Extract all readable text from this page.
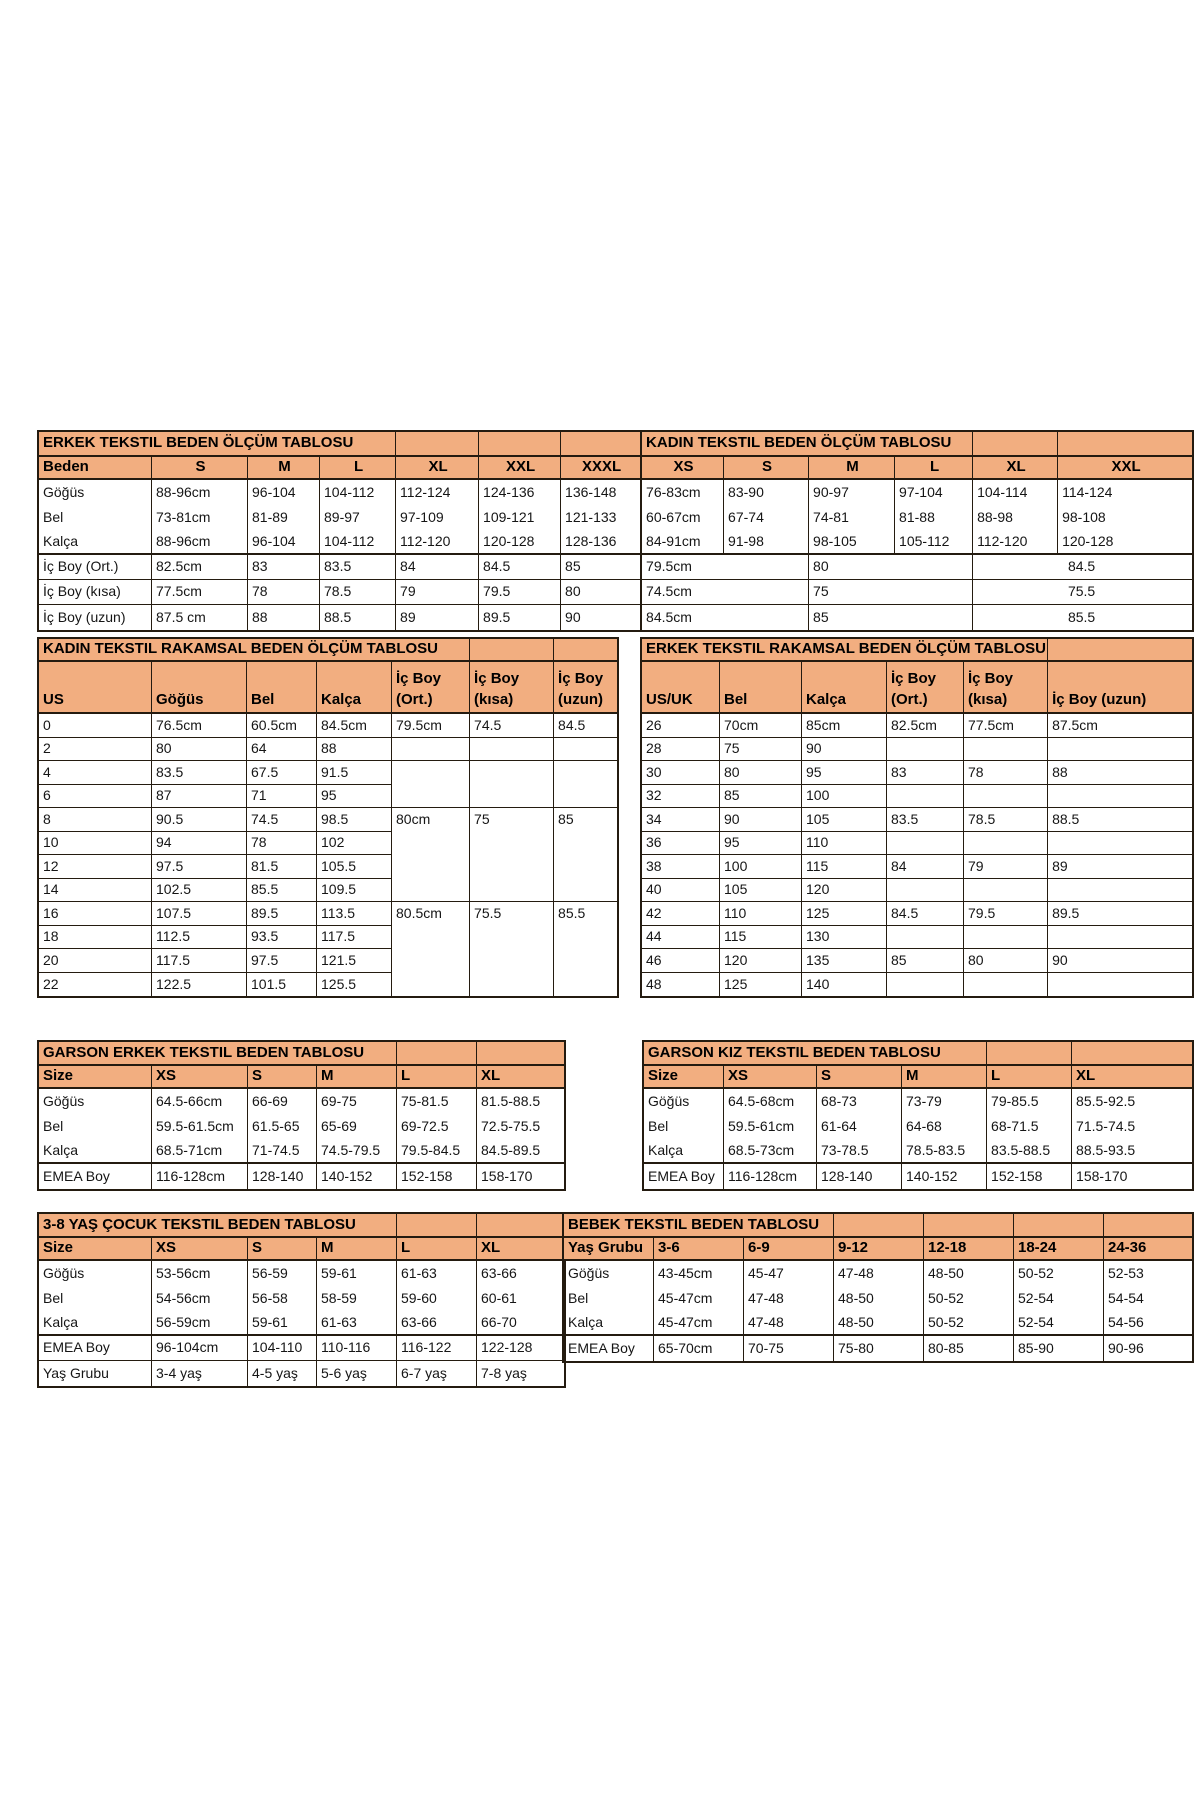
ERKEK TEKSTIL BEDEN ÖLÇÜM TABLOSU							KADIN TEKSTIL BEDEN ÖLÇÜM TABLOSU					
Beden	S	M	L	XL	XXL	XXXL	XS	S	M	L	XL	XXL
Göğüs	88-96cm	96-104	104-112	112-124	124-136	136-148	76-83cm	83-90	90-97	97-104	104-114	114-124
Bel	73-81cm	81-89	89-97	97-109	109-121	121-133	60-67cm	67-74	74-81	81-88	88-98	98-108
Kalça	88-96cm	96-104	104-112	112-120	120-128	128-136	84-91cm	91-98	98-105	105-112	112-120	120-128
İç Boy (Ort.)	82.5cm	83	83.5	84	84.5	85	79.5cm		80		84.5	
İç Boy (kısa)	77.5cm	78	78.5	79	79.5	80	74.5cm		75		75.5	
İç Boy (uzun)	87.5 cm	88	88.5	89	89.5	90	84.5cm		85		85.5	
KADIN TEKSTIL RAKAMSAL BEDEN ÖLÇÜM TABLOSU						
US	Göğüs	Bel	Kalça	İç Boy (Ort.)	İç Boy (kısa)	İç Boy (uzun)
0	76.5cm	60.5cm	84.5cm	79.5cm	74.5	84.5
2	80	64	88			
4	83.5	67.5	91.5			
6	87	71	95			
8	90.5	74.5	98.5	80cm	75	85
10	94	78	102			
12	97.5	81.5	105.5			
14	102.5	85.5	109.5			
16	107.5	89.5	113.5	80.5cm	75.5	85.5
18	112.5	93.5	117.5			
20	117.5	97.5	121.5			
22	122.5	101.5	125.5			
ERKEK TEKSTIL RAKAMSAL BEDEN ÖLÇÜM TABLOSU					
US/UK	Bel	Kalça	İç Boy (Ort.)	İç Boy (kısa)	İç Boy (uzun)
26	70cm	85cm	82.5cm	77.5cm	87.5cm
28	75	90			
30	80	95	83	78	88
32	85	100			
34	90	105	83.5	78.5	88.5
36	95	110			
38	100	115	84	79	89
40	105	120			
42	110	125	84.5	79.5	89.5
44	115	130			
46	120	135	85	80	90
48	125	140			
GARSON ERKEK TEKSTIL BEDEN TABLOSU					
Size	XS	S	M	L	XL
Göğüs	64.5-66cm	66-69	69-75	75-81.5	81.5-88.5
Bel	59.5-61.5cm	61.5-65	65-69	69-72.5	72.5-75.5
Kalça	68.5-71cm	71-74.5	74.5-79.5	79.5-84.5	84.5-89.5
EMEA Boy	116-128cm	128-140	140-152	152-158	158-170
GARSON KIZ TEKSTIL BEDEN TABLOSU					
Size	XS	S	M	L	XL
Göğüs	64.5-68cm	68-73	73-79	79-85.5	85.5-92.5
Bel	59.5-61cm	61-64	64-68	68-71.5	71.5-74.5
Kalça	68.5-73cm	73-78.5	78.5-83.5	83.5-88.5	88.5-93.5
EMEA Boy	116-128cm	128-140	140-152	152-158	158-170
3-8 YAŞ ÇOCUK TEKSTIL BEDEN TABLOSU					
Size	XS	S	M	L	XL
Göğüs	53-56cm	56-59	59-61	61-63	63-66
Bel	54-56cm	56-58	58-59	59-60	60-61
Kalça	56-59cm	59-61	61-63	63-66	66-70
EMEA Boy	96-104cm	104-110	110-116	116-122	122-128
Yaş Grubu	3-4 yaş	4-5 yaş	5-6 yaş	6-7 yaş	7-8 yaş
BEBEK TEKSTIL BEDEN TABLOSU						
Yaş Grubu	3-6	6-9	9-12	12-18	18-24	24-36
Göğüs	43-45cm	45-47	47-48	48-50	50-52	52-53
Bel	45-47cm	47-48	48-50	50-52	52-54	54-54
Kalça	45-47cm	47-48	48-50	50-52	52-54	54-56
EMEA Boy	65-70cm	70-75	75-80	80-85	85-90	90-96
